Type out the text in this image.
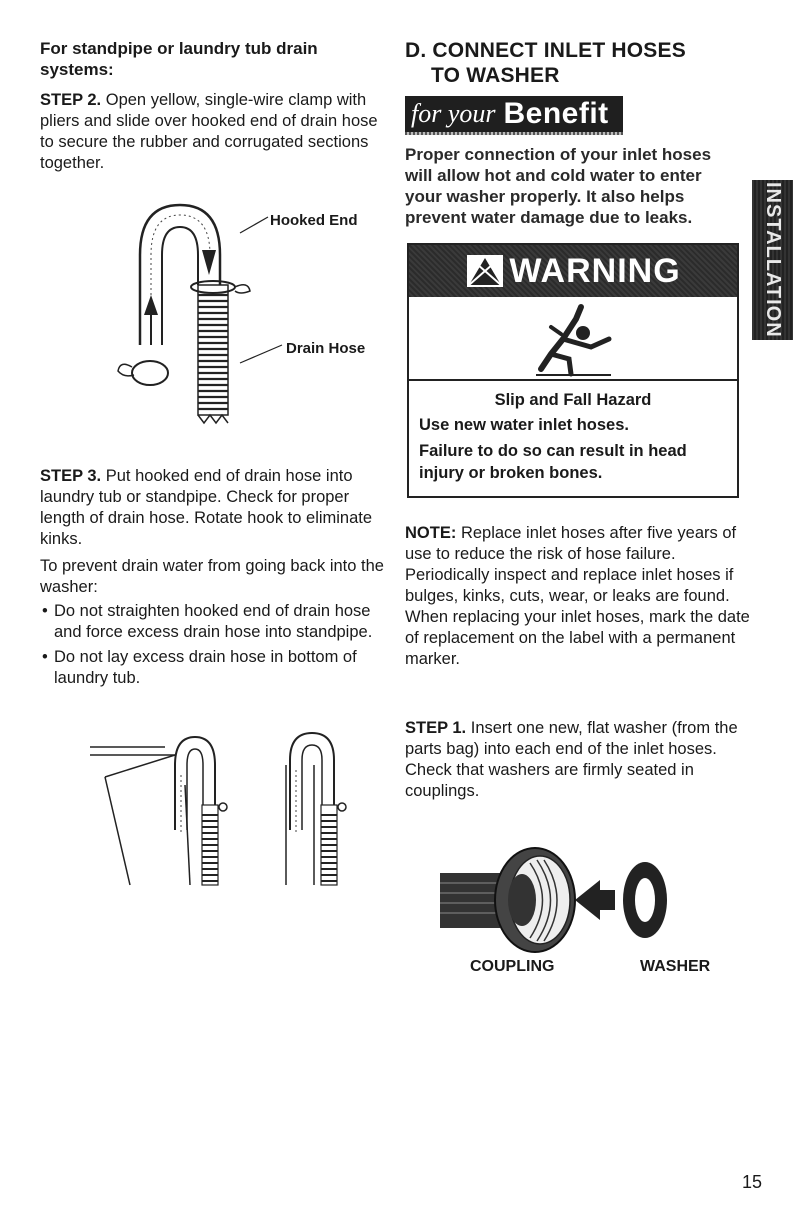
For standpipe or laundry tub drain systems:

STEP 2. Open yellow, single-wire clamp with pliers and slide over hooked end of drain hose to secure the rubber and corrugated sections together.

Hooked End
Drain Hose

STEP 3. Put hooked end of drain hose into laundry tub or standpipe. Check for proper length of drain hose. Rotate hook to eliminate kinks.

To prevent drain water from going back into the washer:

• Do not straighten hooked end of drain hose and force excess drain hose into standpipe.
• Do not lay excess drain hose in bottom of laundry tub.
D. CONNECT INLET HOSES
TO WASHER
for your Benefit

Proper connection of your inlet hoses will allow hot and cold water to enter your washer properly. It also helps prevent water damage due to leaks.

WARNING

Slip and Fall Hazard

Use new water inlet hoses.

Failure to do so can result in head injury or broken bones.

NOTE: Replace inlet hoses after five years of use to reduce the risk of hose failure. Periodically inspect and replace inlet hoses if bulges, kinks, cuts, wear, or leaks are found. When replacing your inlet hoses, mark the date of replacement on the label with a permanent marker.

STEP 1. Insert one new, flat washer (from the parts bag) into each end of the inlet hoses. Check that washers are firmly seated in couplings.

COUPLING	WASHER
INSTALLATION
15
